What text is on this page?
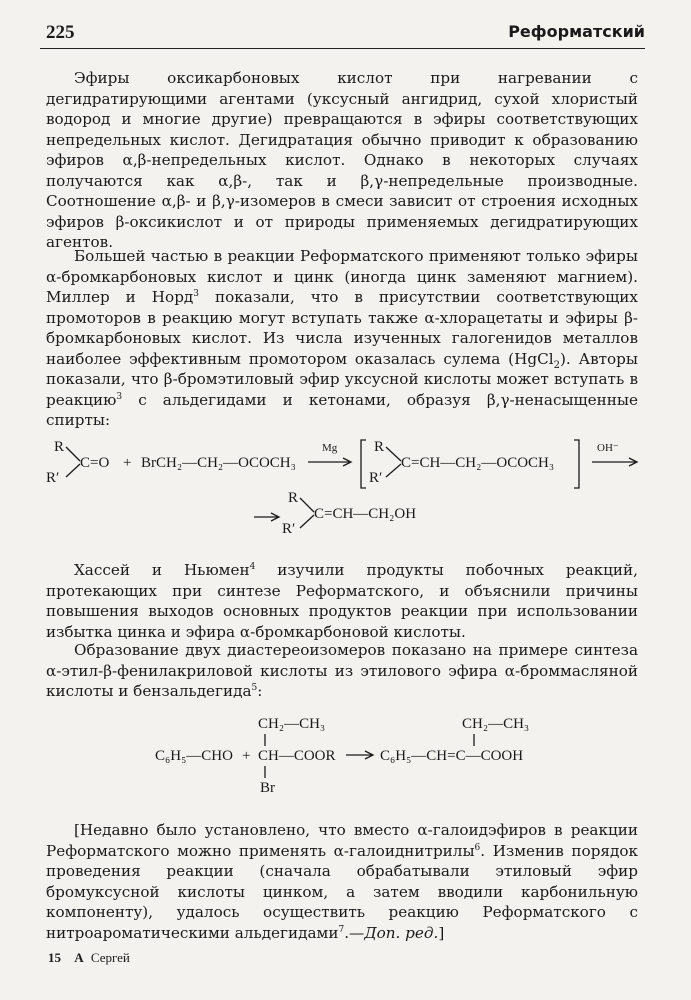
225	Реформатский

Эфиры оксикарбоновых кислот при нагревании с дегидратирующими агентами (уксусный ангидрид, сухой хлористый водород и многие другие) превращаются в эфиры соответствующих непредельных кислот. Дегидратация обычно приводит к образованию эфиров α,β-непредельных кислот. Однако в некоторых случаях получаются как α,β-, так и β,γ-непредельные производные. Соотношение α,β- и β,γ-изомеров в смеси зависит от строения исходных эфиров β-оксикислот и от природы применяемых дегидратирующих агентов.

Большей частью в реакции Реформатского применяют только эфиры α-бромкарбоновых кислот и цинк (иногда цинк заменяют магнием). Миллер и Норд$^3$ показали, что в присутствии соответствующих промоторов в реакцию могут вступать также α-хлорацетаты и эфиры β-бромкарбоновых кислот. Из числа изученных галогенидов металлов наиболее эффективным промотором оказалась сулема (HgCl$_2$). Авторы показали, что β-бромэтиловый эфир уксусной кислоты может вступать в реакцию$^3$ с альдегидами и кетонами, образуя β,γ-ненасыщенные спирты:

Хассей и Ньюмен$^4$ изучили продукты побочных реакций, протекающих при синтезе Реформатского, и объяснили причины повышения выходов основных продуктов реакции при использовании избытка цинка и эфира α-бромкарбоновой кислоты.

Образование двух диастереоизомеров показано на примере синтеза α-этил-β-фенилакриловой кислоты из этилового эфира α-броммасляной кислоты и бензальдегида$^5$:

[Недавно было установлено, что вместо α-галоидэфиров в реакции Реформатского можно применять α-галоиднитрилы$^6$. Изменив порядок проведения реакции (сначала обрабатывали этиловый эфир бромуксусной кислоты цинком, а затем вводили карбонильную компоненту), удалось осуществить реакцию Реформатского с нитроароматическими альдегидами$^7$.—Доп. ред.]

R
R′
C=O + BrCH₂—CH₂—OCOCH₃
Mg R
R′
C=CH—CH₂—OCOCH₃
OH⁻
R
R′
C=CH—CH₂OH
CH₂—CH₃
C₆H₅—CHO + CH—COOR
Br
CH₂—CH₃
C₆H₅—CH=C—COOH
15 А Сергей
